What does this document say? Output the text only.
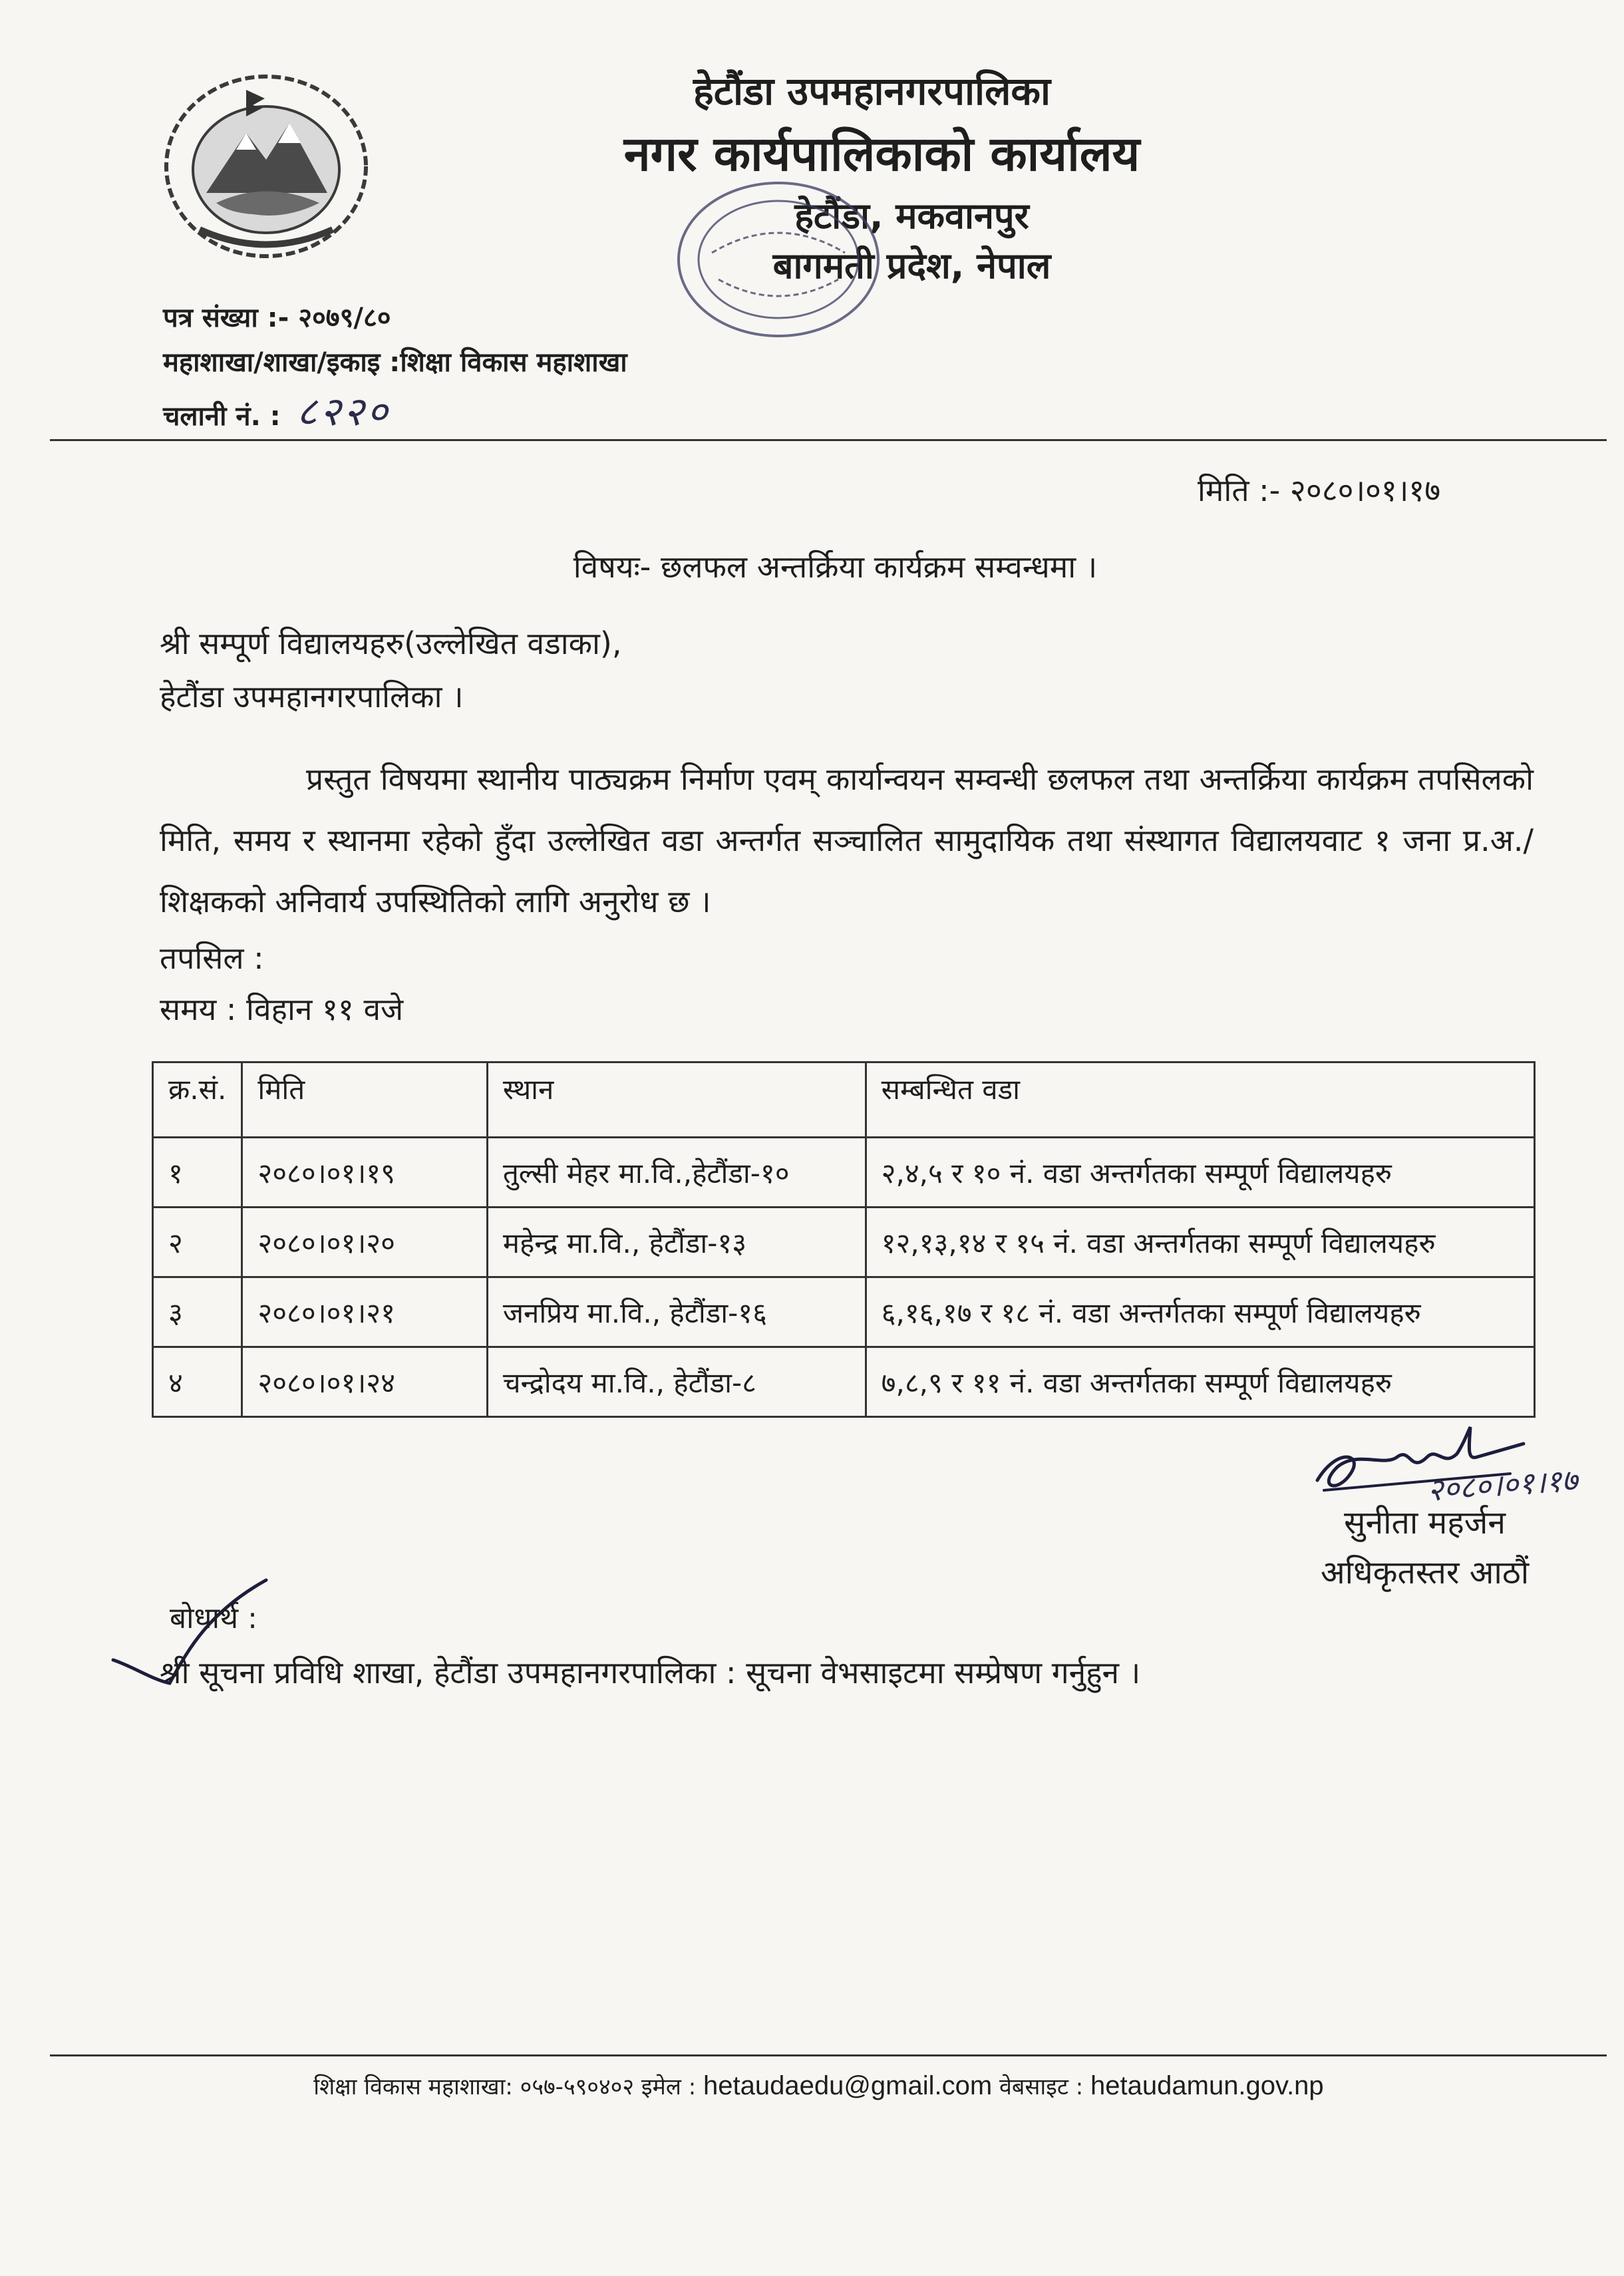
हेटौंडा उपमहानगरपालिका
नगर कार्यपालिकाको कार्यालय
हेटौंडा, मकवानपुर
बागमती प्रदेश, नेपाल
पत्र संख्या :- २०७९/८०
महाशाखा/शाखा/इकाइ :शिक्षा विकास महाशाखा
चलानी नं. : ८२२०
मिति :- २०८०।०१।१७
विषयः- छलफल अन्तर्क्रिया कार्यक्रम सम्वन्धमा ।
श्री सम्पूर्ण विद्यालयहरु(उल्लेखित वडाका),
हेटौंडा उपमहानगरपालिका ।
प्रस्तुत विषयमा स्थानीय पाठ्यक्रम निर्माण एवम् कार्यान्वयन सम्वन्धी छलफल तथा अन्तर्क्रिया कार्यक्रम तपसिलको मिति, समय र स्थानमा रहेको हुँदा उल्लेखित वडा अन्तर्गत सञ्चालित सामुदायिक तथा संस्थागत विद्यालयवाट १ जना प्र.अ./शिक्षकको अनिवार्य उपस्थितिको लागि अनुरोध छ ।
तपसिल :
समय : विहान ११ वजे
क्र.सं.	मिति	स्थान	सम्बन्धित वडा
१	२०८०।०१।१९	तुल्सी मेहर मा.वि.,हेटौंडा-१०	२,४,५ र १० नं. वडा अन्तर्गतका सम्पूर्ण विद्यालयहरु
२	२०८०।०१।२०	महेन्द्र मा.वि., हेटौंडा-१३	१२,१३,१४ र १५ नं. वडा अन्तर्गतका सम्पूर्ण विद्यालयहरु
३	२०८०।०१।२१	जनप्रिय मा.वि., हेटौंडा-१६	६,१६,१७ र १८ नं. वडा अन्तर्गतका सम्पूर्ण विद्यालयहरु
४	२०८०।०१।२४	चन्द्रोदय मा.वि., हेटौंडा-८	७,८,९ र ११ नं. वडा अन्तर्गतका सम्पूर्ण विद्यालयहरु
२०८०।०१।१७
सुनीता महर्जन
अधिकृतस्तर आठौं
बोधार्थ :
श्री सूचना प्रविधि शाखा, हेटौंडा उपमहानगरपालिका : सूचना वेभसाइटमा सम्प्रेषण गर्नुहुन ।
शिक्षा विकास महाशाखा: ०५७-५९०४०२ इमेल : hetaudaedu@gmail.com वेबसाइट : hetaudamun.gov.np
